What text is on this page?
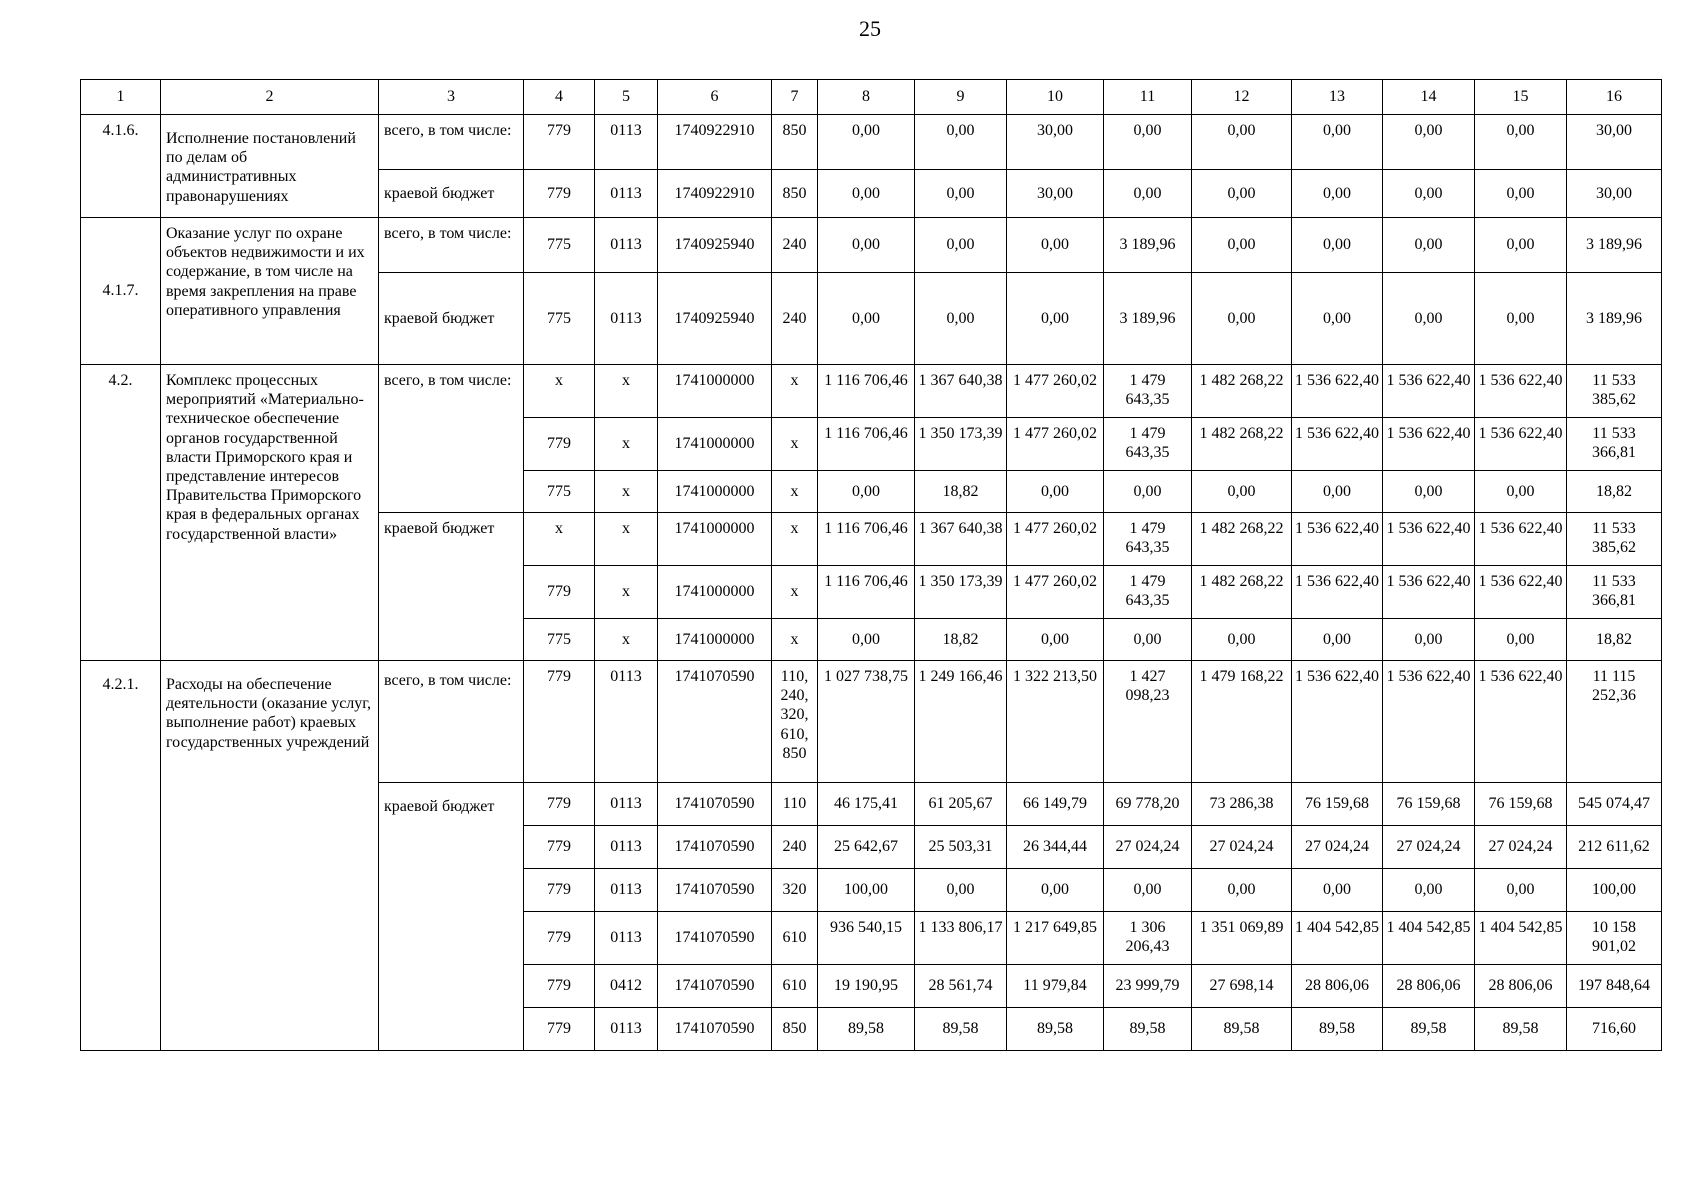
25
1	2	3	4	5	6	7	8	9	10	11	12	13	14	15	16
4.1.6.	Исполнение постановлений по делам об административных правонарушениях	всего, в том числе:	779	0113	1740922910	850	0,00	0,00	30,00	0,00	0,00	0,00	0,00	0,00	30,00
		краевой бюджет	779	0113	1740922910	850	0,00	0,00	30,00	0,00	0,00	0,00	0,00	0,00	30,00
4.1.7.	Оказание услуг по охране объектов недвижимости и их содержание, в том числе на время закрепления на праве оперативного управления	всего, в том числе:	775	0113	1740925940	240	0,00	0,00	0,00	3 189,96	0,00	0,00	0,00	0,00	3 189,96
		краевой бюджет	775	0113	1740925940	240	0,00	0,00	0,00	3 189,96	0,00	0,00	0,00	0,00	3 189,96
4.2.	Комплекс процессных мероприятий «Материально-техническое обеспечение органов государственной власти Приморского края и представление интересов Правительства Приморского края в федеральных органах государственной власти»	всего, в том числе:	x	x	1741000000	x	1 116 706,46	1 367 640,38	1 477 260,02	1 479 643,35	1 482 268,22	1 536 622,40	1 536 622,40	1 536 622,40	11 533 385,62
			779	x	1741000000	x	1 116 706,46	1 350 173,39	1 477 260,02	1 479 643,35	1 482 268,22	1 536 622,40	1 536 622,40	1 536 622,40	11 533 366,81
			775	x	1741000000	x	0,00	18,82	0,00	0,00	0,00	0,00	0,00	0,00	18,82
		краевой бюджет	x	x	1741000000	x	1 116 706,46	1 367 640,38	1 477 260,02	1 479 643,35	1 482 268,22	1 536 622,40	1 536 622,40	1 536 622,40	11 533 385,62
			779	x	1741000000	x	1 116 706,46	1 350 173,39	1 477 260,02	1 479 643,35	1 482 268,22	1 536 622,40	1 536 622,40	1 536 622,40	11 533 366,81
			775	x	1741000000	x	0,00	18,82	0,00	0,00	0,00	0,00	0,00	0,00	18,82
4.2.1.	Расходы на обеспечение деятельности (оказание услуг, выполнение работ) краевых государственных учреждений	всего, в том числе:	779	0113	1741070590	110, 240, 320, 610, 850	1 027 738,75	1 249 166,46	1 322 213,50	1 427 098,23	1 479 168,22	1 536 622,40	1 536 622,40	1 536 622,40	11 115 252,36
		краевой бюджет	779	0113	1741070590	110	46 175,41	61 205,67	66 149,79	69 778,20	73 286,38	76 159,68	76 159,68	76 159,68	545 074,47
			779	0113	1741070590	240	25 642,67	25 503,31	26 344,44	27 024,24	27 024,24	27 024,24	27 024,24	27 024,24	212 611,62
			779	0113	1741070590	320	100,00	0,00	0,00	0,00	0,00	0,00	0,00	0,00	100,00
			779	0113	1741070590	610	936 540,15	1 133 806,17	1 217 649,85	1 306 206,43	1 351 069,89	1 404 542,85	1 404 542,85	1 404 542,85	10 158 901,02
			779	0412	1741070590	610	19 190,95	28 561,74	11 979,84	23 999,79	27 698,14	28 806,06	28 806,06	28 806,06	197 848,64
			779	0113	1741070590	850	89,58	89,58	89,58	89,58	89,58	89,58	89,58	89,58	716,60
